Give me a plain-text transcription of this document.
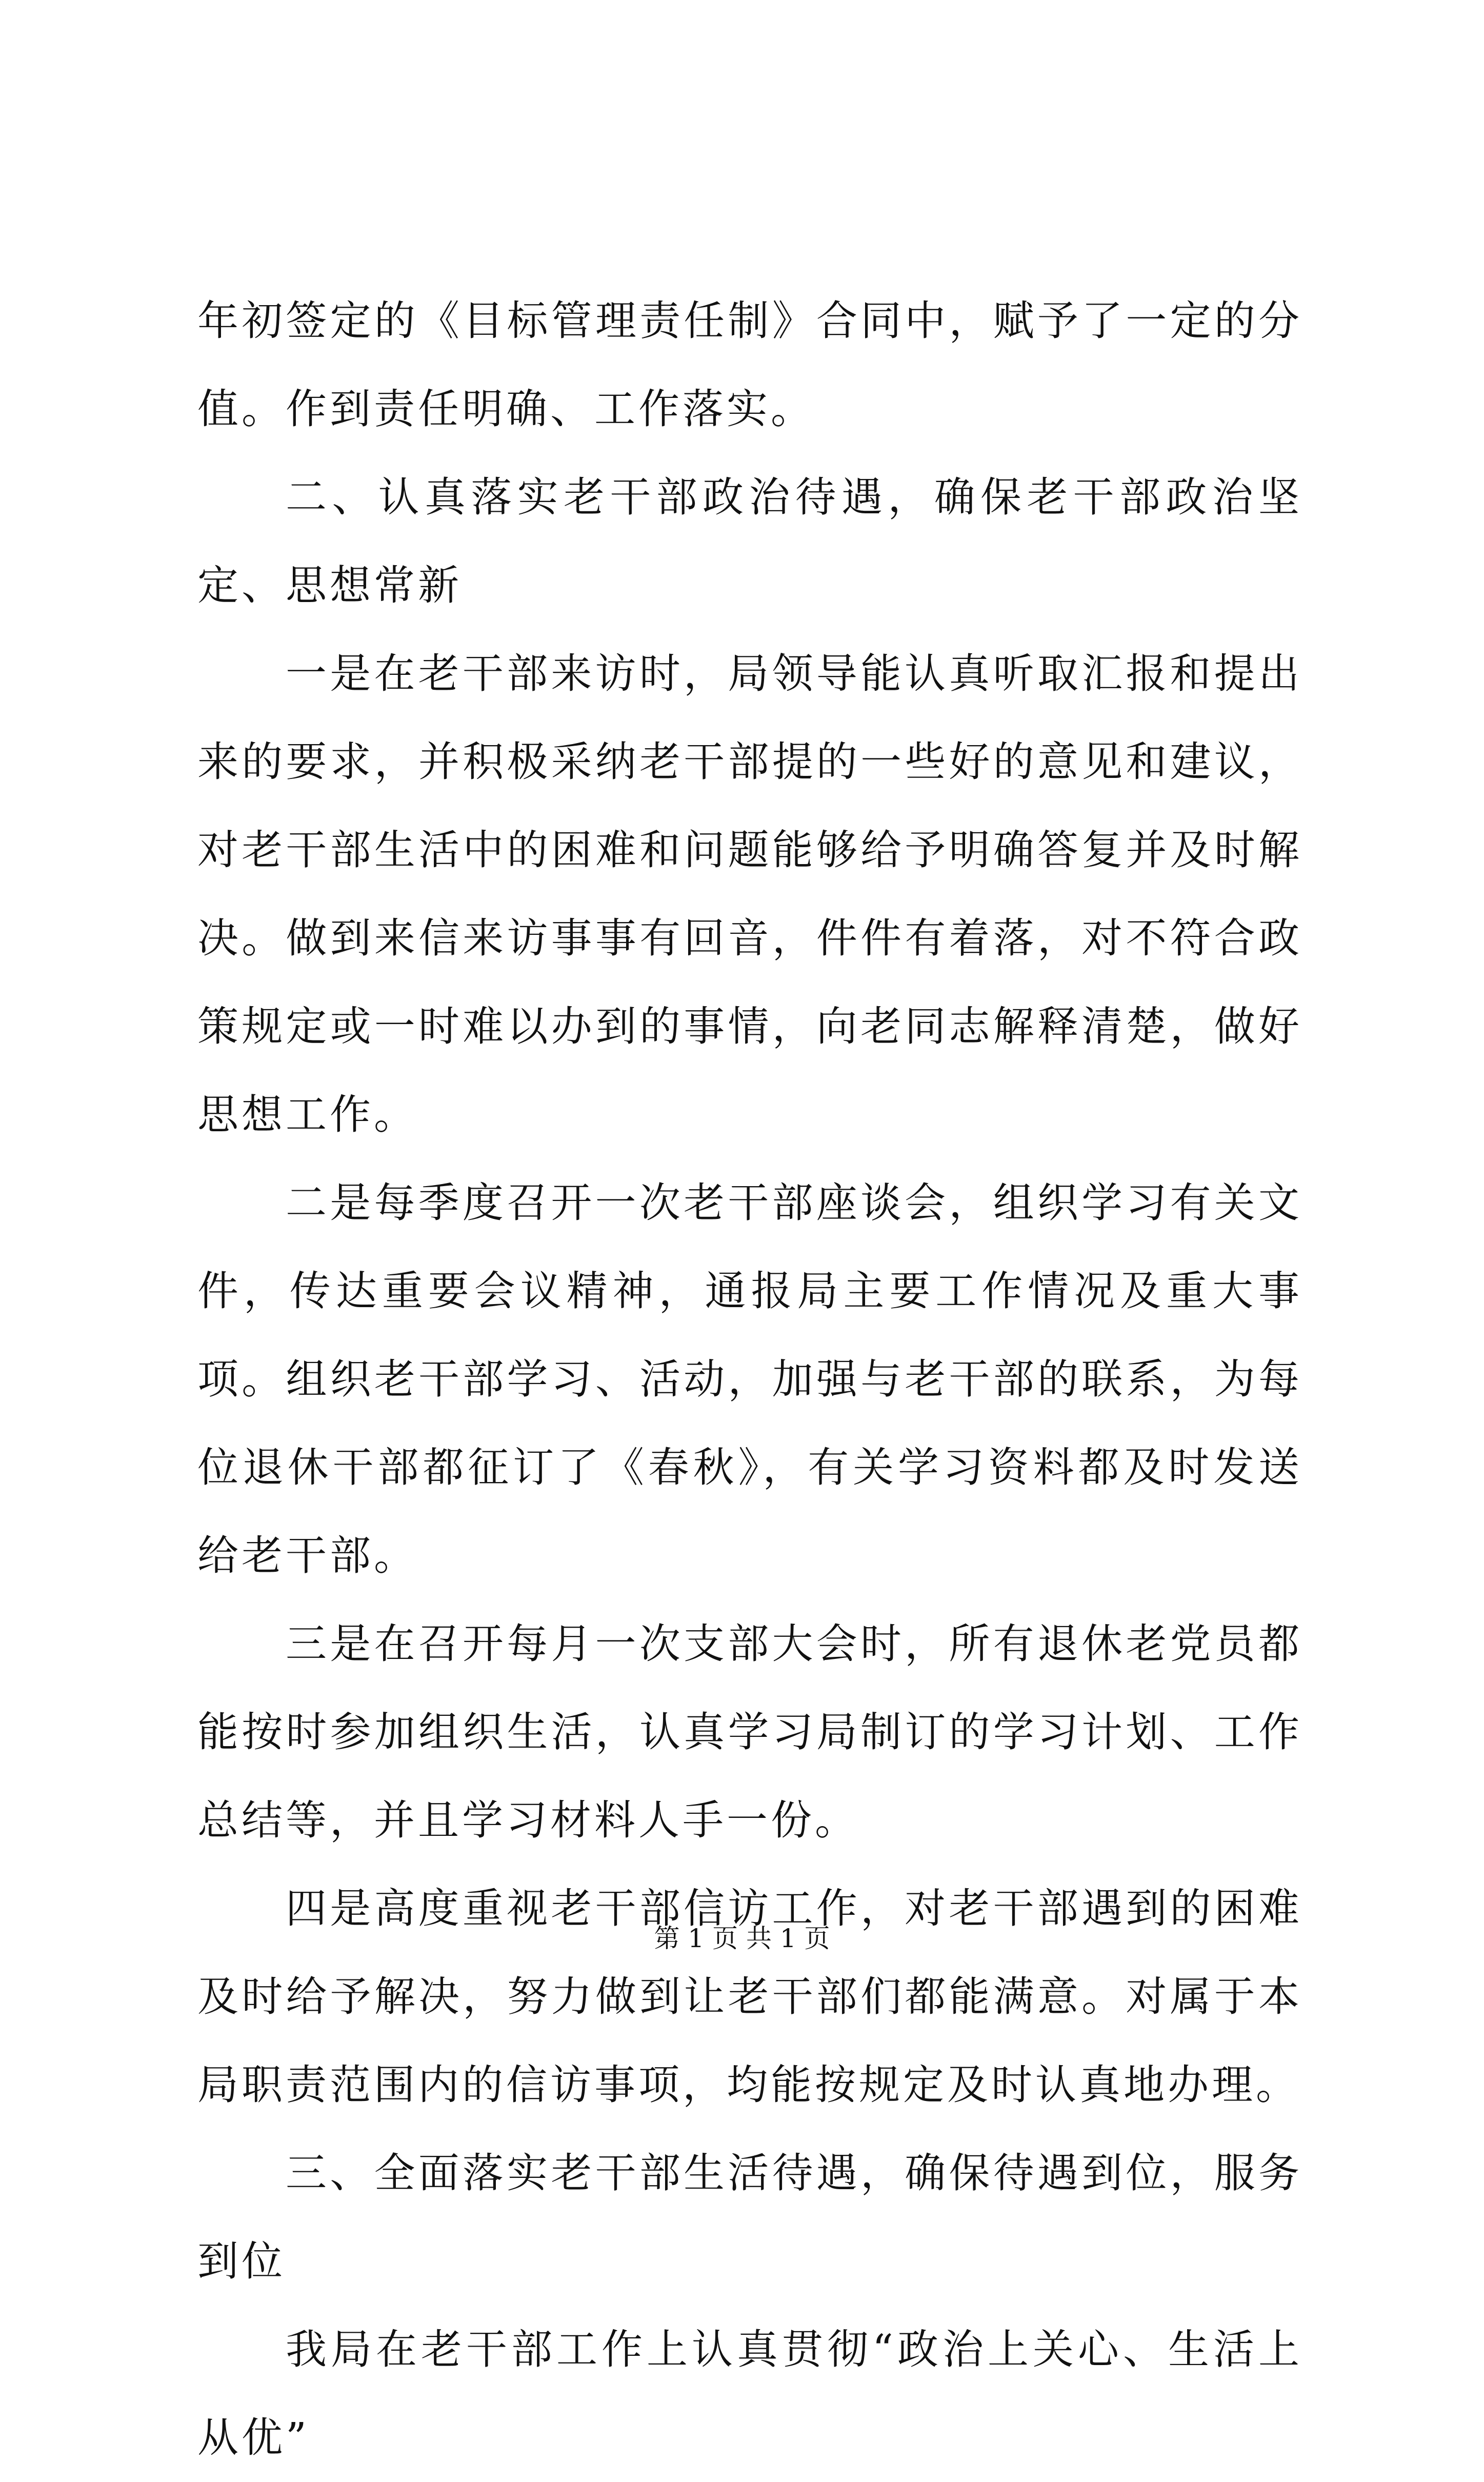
年初签定的《目标管理责任制》合同中，赋予了一定的分值。作到责任明确、工作落实。

二、认真落实老干部政治待遇，确保老干部政治坚定、思想常新

一是在老干部来访时，局领导能认真听取汇报和提出来的要求，并积极采纳老干部提的一些好的意见和建议，对老干部生活中的困难和问题能够给予明确答复并及时解决。做到来信来访事事有回音，件件有着落，对不符合政策规定或一时难以办到的事情，向老同志解释清楚，做好思想工作。

二是每季度召开一次老干部座谈会，组织学习有关文件，传达重要会议精神，通报局主要工作情况及重大事项。组织老干部学习、活动，加强与老干部的联系，为每位退休干部都征订了《春秋》，有关学习资料都及时发送给老干部。

三是在召开每月一次支部大会时，所有退休老党员都能按时参加组织生活，认真学习局制订的学习计划、工作总结等，并且学习材料人手一份。

四是高度重视老干部信访工作，对老干部遇到的困难及时给予解决，努力做到让老干部们都能满意。对属于本局职责范围内的信访事项，均能按规定及时认真地办理。

三、全面落实老干部生活待遇，确保待遇到位，服务到位

我局在老干部工作上认真贯彻“政治上关心、生活上从优”

第 1 页 共 1 页
